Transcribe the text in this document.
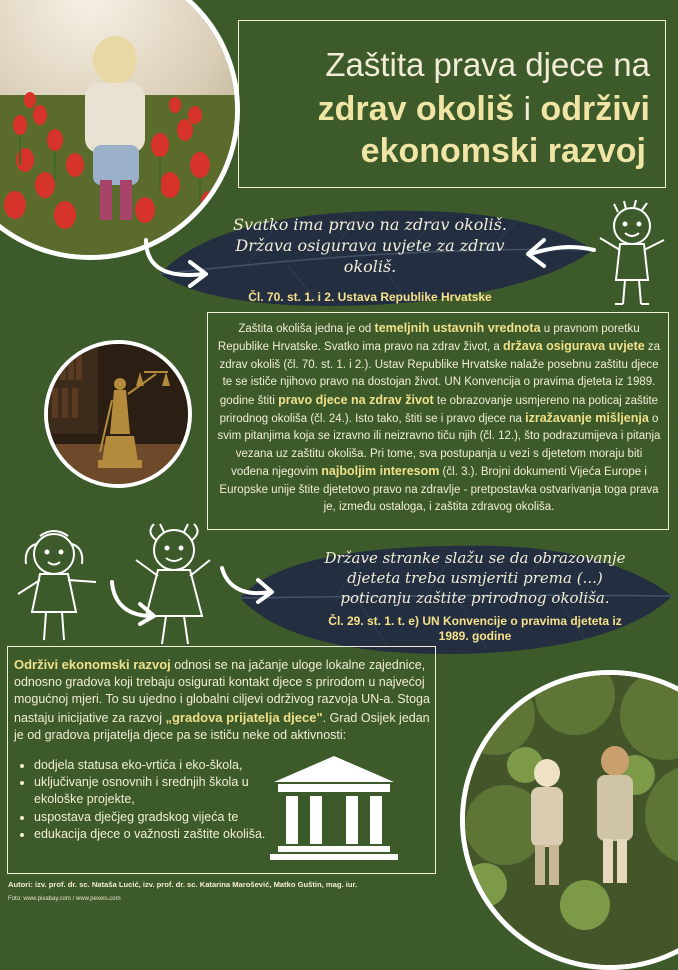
Zaštita prava djece na
zdrav okoliš i održivi
ekonomski razvoj
Svatko ima pravo na zdrav okoliš. Država osigurava uvjete za zdrav okoliš.
Čl. 70. st. 1. i 2. Ustava Republike Hrvatske
Zaštita okoliša jedna je od temeljnih ustavnih vrednota u pravnom poretku Republike Hrvatske. Svatko ima pravo na zdrav život, a država osigurava uvjete za zdrav okoliš (čl. 70. st. 1. i 2.). Ustav Republike Hrvatske nalaže posebnu zaštitu djece te se ističe njihovo pravo na dostojan život. UN Konvencija o pravima djeteta iz 1989. godine štiti pravo djece na zdrav život te obrazovanje usmjereno na poticaj zaštite prirodnog okoliša (čl. 24.). Isto tako, štiti se i pravo djece na izražavanje mišljenja o svim pitanjima koja se izravno ili neizravno tiču njih (čl. 12.), što podrazumijeva i pitanja vezana uz zaštitu okoliša. Pri tome, sva postupanja u vezi s djetetom moraju biti vođena njegovim najboljim interesom (čl. 3.). Brojni dokumenti Vijeća Europe i Europske unije štite djetetovo pravo na zdravlje - pretpostavka ostvarivanja toga prava je, između ostaloga, i zaštita zdravog okoliša.
Države stranke slažu se da obrazovanje djeteta treba usmjeriti prema (...) poticanju zaštite prirodnog okoliša.
Čl. 29. st. 1. t. e) UN Konvencije o pravima djeteta iz 1989. godine
Održivi ekonomski razvoj odnosi se na jačanje uloge lokalne zajednice, odnosno gradova koji trebaju osigurati kontakt djece s prirodom u najvećoj mogućnoj mjeri. To su ujedno i globalni ciljevi održivog razvoja UN-a. Stoga nastaju inicijative za razvoj „gradova prijatelja djece". Grad Osijek jedan je od gradova prijatelja djece pa se ističu neke od aktivnosti:
• dodjela statusa eko-vrtića i eko-škola,
• uključivanje osnovnih i srednjih škola u ekološke projekte,
• uspostava dječjeg gradskog vijeća te
• edukacija djece o važnosti zaštite okoliša.
Autori: izv. prof. dr. sc. Nataša Lucić, izv. prof. dr. sc. Katarina Marošević, Matko Guštin, mag. iur.
Foto: www.pixabay.com / www.pexels.com
